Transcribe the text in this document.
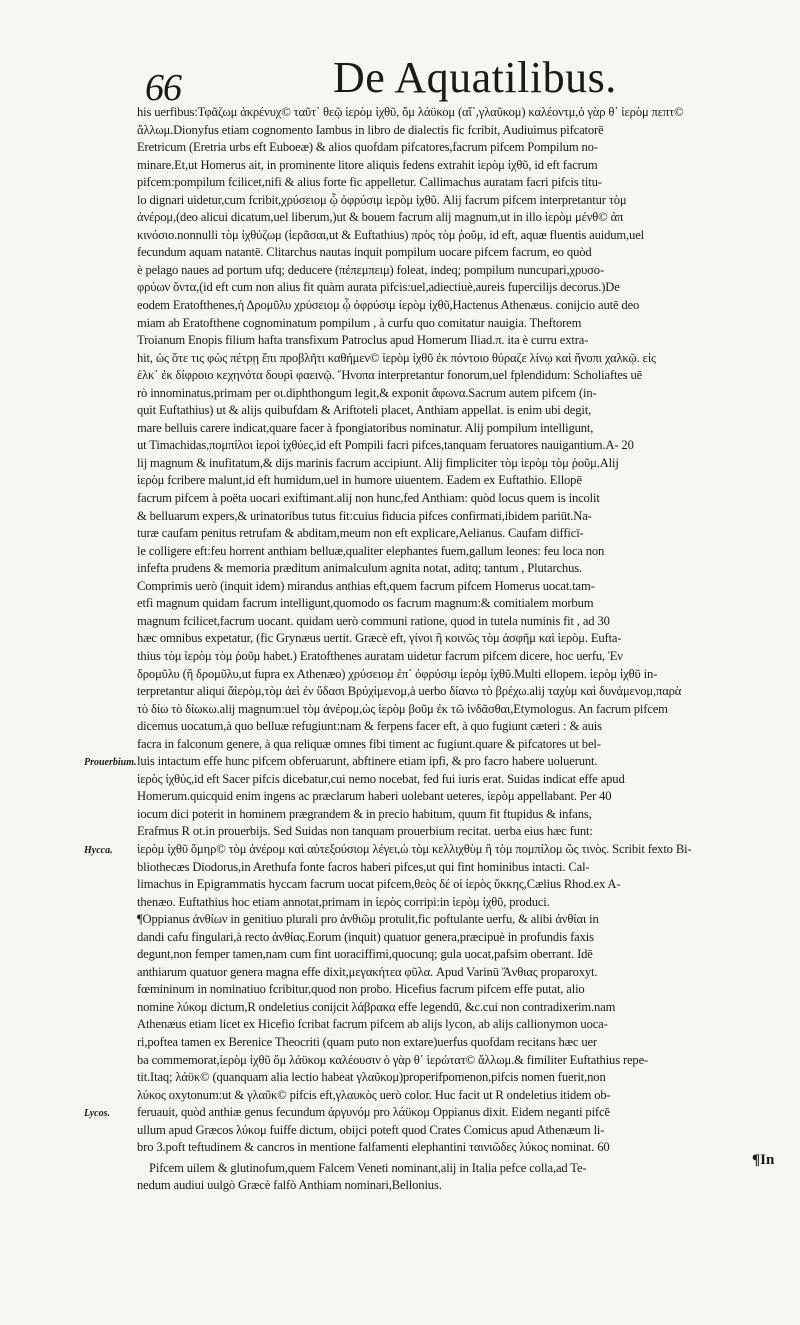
66	De Aquatilibus.
his uerfibus:Τφᾶζωμ ἀκρένυχ© ταῦτ᾽ θεῷ ἱερὸμ ἰχθῦ, ὄμ λάϋκομ (αἴ᾽,γλαῦκομ) καλέοντμ,ὁ γὰρ θ᾽ ἱερὸμ πεπτ©
ἄλλωμ.Dionyfus etiam cognomento Iambus in libro de dialectis fic fcribit, Audiuimus pifcatorē
Eretricum (Eretria urbs eft Euboeæ) & alios quofdam pifcatores,facrum pifcem Pompilum no-
minare.Et,ut Homerus ait, in prominente litore aliquis fedens extrahit ἱερὸμ ἰχθῦ, id eft facrum
pifcem:pompilum fcilicet,nifi & alius forte fic appelletur. Callimachus auratam facri pifcis titu-
lo dignari uidetur,cum fcribit,χρύσειομ ᾧ ὀφρύσιμ ἱερὸμ ἰχθῦ. Alij facrum pifcem interpretantur τὸμ
ἀνέρομ,(deo alicui dicatum,uel liberum,)ut & bouem facrum alij magnum,ut in illo ἱερὸμ μένθ© ἀπ
κινόσιο.nonnulli τὸμ ἰχθύζωμ (ἱερᾶσαι,ut & Euftathius) πρὸς τὸμ ῥοῦμ, id eft, aquæ fluentis auidum,uel
fecundum aquam natantē. Clitarchus nautas inquit pompilum uocare pifcem facrum, eo quòd
è pelago naues ad portum ufq; deducere (πέπεμπειμ) foleat, indeq; pompilum nuncupari,χρυσο-
φρύων ὄντα,(id eft cum non alius fit quàm aurata pifcis:uel,adiectiuè,aureis fupercilijs decorus.)De
eodem Eratofthenes,ἡ Δρομῦλυ χρύσειομ ᾧ ὀφρύσιμ ἱερὸμ ἰχθῦ,Hactenus Athenæus. conijcio autē deo
miam ab Eratofthene cognominatum pompilum , à curfu quo comitatur nauigia. Theftorem
Troianum Enopis filium hafta transfixum Patroclus apud Homerum Iliad.π. ita è curru extra-
hit, ὡς ὅτε τις φὼς πέτρῃ ἔπι προβλῆτι καθήμεν© ἱερὸμ ἰχθῦ ἐκ πόντοιο θύραζε λίνῳ καὶ ἤνοπι χαλκῷ. εἰς
ἑλκ᾽ ἐκ δίφροιο κεχηνότα δουρὶ φαεινῷ. Ἤνοπα interpretantur fonorum,uel fplendidum: Scholiaftes uē
rò innominatus,primam per οι.diphthongum legit,& exponit ἄφωνα.Sacrum autem pifcem (in-
quit Euftathius) ut & alijs quibufdam & Ariftoteli placet, Anthiam appellat. is enim ubi degit,
mare belluis carere indicat,quare facer à fpongiatoribus nominatur. Alij pompilum intelligunt,
ut Timachidas,πομπίλοι ἱεροὶ ἰχθύες,id eft Pompili facri pifces,tanquam feruatores nauigantium.A- 20
lij magnum & inufitatum,& dijs marinis facrum accipiunt. Alij fimpliciter τὸμ ἱερὸμ τὸμ ῥοῦμ.Alij
ἱερὸμ fcribere malunt,id eft humidum,uel in humore uiuentem. Eadem ex Euftathio. Ellopē
facrum pifcem à poëta uocari exiftimant.alij non hunc,fed Anthiam: quòd locus quem is incolit
& belluarum expers,& urinatoribus tutus fit:cuius fiducia pifces confirmati,ibidem pariūt.Na-
turæ caufam penitus retrufam & abditam,meum non eft explicare,Aelianus. Caufam difficī-
le colligere eft:feu horrent anthiam belluæ,qualiter elephantes fuem,gallum leones: feu loca non
infefta prudens & memoria præditum animalculum agnita notat, aditq; tantum , Plutarchus.
Comprimis uerò (inquit idem) mirandus anthias eft,quem facrum pifcem Homerus uocat.tam-
etfi magnum quidam facrum intelligunt,quomodo os facrum magnum:& comitialem morbum
magnum fcilicet,facrum uocant. quidam uerò communi ratione, quod in tutela numinis fit , ad 30
hæc omnibus expetatur, (fic Grynæus uertit. Græcè eft, γίνοι ἢ κοινῶς τὸμ ἀσφῆμ καὶ ἱερὸμ. Eufta-
thius τὸμ ἱερὸμ τὸμ ῥοῦμ habet.) Eratofthenes auratam uidetur facrum pifcem dicere, hoc uerfu, Ἐν
δρομῦλυ (ἢ δρομῦλυ,ut fupra ex Athenæo) χρύσειομ ἐπ᾽ ὀφρύσιμ ἱερὸμ ἰχθῦ.Multi ellopem. ἱερὸμ ἰχθῦ in-
terpretantur aliqui ἄἱερὸμ,τὸμ ἀεὶ ἐν ὕδασι Βρύχίμενομ,à uerbo δίανω τὸ βρέχω.alij ταχὺμ καὶ δυνάμενομ,παρὰ
τὸ δίω τὸ δίωκω.alij magnum:uel τὸμ ἀνέρομ,ὡς ἱερὸμ βοῦμ ἐκ τῶ ἱνδᾶσθαι,Etymologus. An facrum pifcem
dicemus uocatum,à quo belluæ refugiunt:nam & ferpens facer eft, à quo fugiunt cæteri : & auis
facra in falconum genere, à qua reliquæ omnes fibi timent ac fugiunt.quare & pifcatores ut bel-
luis intactum effe hunc pifcem obferuarunt, abftinere etiam ipfi, & pro facro habere uoluerunt.
ἱερὸς ἰχθύς,id eft Sacer pifcis dicebatur,cui nemo nocebat, fed fui iuris erat. Suidas indicat effe apud
Homerum.quicquid enim ingens ac præclarum haberi uolebant ueteres, ἱερὸμ appellabant. Per 40
iocum dici poterit in hominem prægrandem & in precio habitum, quum fit ftupidus & infans,
Erafmus R ot.in prouerbijs. Sed Suidas non tanquam prouerbium recitat. uerba eius hæc funt:
ἱερὸμ ἰχθῦ ὅμηρ© τὸμ ἀνέρομ καὶ αὐτεξούσιομ λέγει,ὡ τὸμ κελλιχθὺμ ἢ τὸμ πομπίλομ ὥς τινὸς. Scribit fexto Bi-
bliothecæs Diodorus,in Arethufa fonte facros haberi pifces,ut qui fint hominibus intacti. Cal-
limachus in Epigrammatis hyccam facrum uocat pifcem,θεὸς δέ οἱ ἱερὸς ὕκκης,Cælius Rhod.ex A-
thenæo. Euftathius hoc etiam annotat,primam in ἱερὸς corripi:in ἱερὸμ ἰχθῦ, produci.
¶Oppianus ἀνθίων in genitiuo plurali pro ἀνθιῶμ protulit,fic poftulante uerfu, & alibi ἀνθίαι in
dandi cafu fingulari,à recto ἀνθίας.Eorum (inquit) quatuor genera,præcipuè in profundis faxis
degunt,non femper tamen,nam cum fint uoraciffimi,quocunq; gula uocat,pafsim oberrant. Idē
anthiarum quatuor genera magna effe dixit,μεγακήτεα φῦλα. Apud Varinū Ἄνθιας proparoxyt.
fœmininum in nominatiuo fcribitur,quod non probo. Hicefius facrum pifcem effe putat, alio
nomine λύκομ dictum,R ondeletius conijcit λάβρακα effe legendū, &c.cui non contradixerim.nam
Athenæus etiam licet ex Hicefio fcribat facrum pifcem ab alijs lycon, ab alijs callionymon uoca-
ri,poftea tamen ex Berenice Theocriti (quam puto non extare)uerfus quofdam recitans hæc uer
ba commemorat,ἱερὸμ ἰχθῦ ὄμ λάϋκομ καλέουσιν ὁ γὰρ θ᾽ ἱερώτατ© ἄλλωμ.& fimiliter Euftathius repe-
tit.Itaq; λάϋκ© (quanquam alia lectio habeat γλαῦκομ)properifpomenon,pifcis nomen fuerit,non
λύκος oxytonum:ut & γλαῦκ© pifcis eft,γλαυκὸς uerò color. Huc facit ut R ondeletius itidem ob-
feruauit, quòd anthiæ genus fecundum ἀργυνόμ pro λάϋκομ Oppianus dixit. Eidem neganti pifcē
ullum apud Græcos λύκομ fuiffe dictum, obijci poteft quod Crates Comicus apud Athenæum li-
bro 3.poft teftudinem & cancros in mentione falfamenti elephantini ταινιῶδες λύκος nominat. 60
Pifcem uilem & glutinofum,quem Falcem Veneti nominant,alij in Italia pefce colla,ad Te-
nedum audiui uulgò Græcè falfò Anthiam nominari,Bellonius.
Prouerbium.
Hycca.
Lycos.
¶In
